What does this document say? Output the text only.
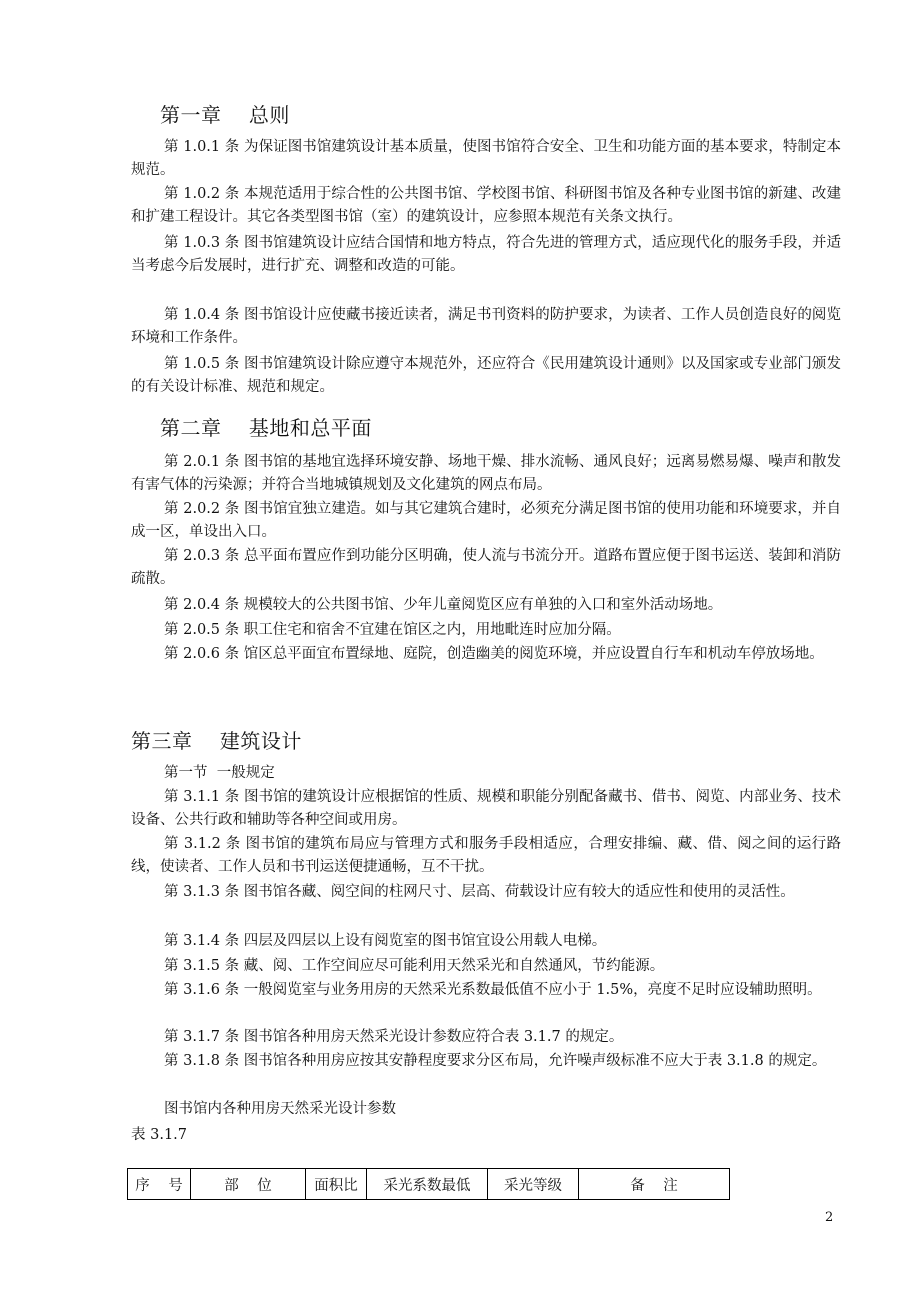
第一章    总则

第 1.0.1 条 为保证图书馆建筑设计基本质量，使图书馆符合安全、卫生和功能方面的基本要求，特制定本规范。

第 1.0.2 条 本规范适用于综合性的公共图书馆、学校图书馆、科研图书馆及各种专业图书馆的新建、改建和扩建工程设计。其它各类型图书馆（室）的建筑设计，应参照本规范有关条文执行。

第 1.0.3 条 图书馆建筑设计应结合国情和地方特点，符合先进的管理方式，适应现代化的服务手段，并适当考虑今后发展时，进行扩充、调整和改造的可能。

第 1.0.4 条 图书馆设计应使藏书接近读者，满足书刊资料的防护要求，为读者、工作人员创造良好的阅览环境和工作条件。

第 1.0.5 条 图书馆建筑设计除应遵守本规范外，还应符合《民用建筑设计通则》以及国家或专业部门颁发的有关设计标准、规范和规定。

第二章    基地和总平面

第 2.0.1 条 图书馆的基地宜选择环境安静、场地干燥、排水流畅、通风良好；远离易燃易爆、噪声和散发有害气体的污染源；并符合当地城镇规划及文化建筑的网点布局。

第 2.0.2 条 图书馆宜独立建造。如与其它建筑合建时，必须充分满足图书馆的使用功能和环境要求，并自成一区，单设出入口。

第 2.0.3 条 总平面布置应作到功能分区明确，使人流与书流分开。道路布置应便于图书运送、装卸和消防疏散。

第 2.0.4 条 规模较大的公共图书馆、少年儿童阅览区应有单独的入口和室外活动场地。

第 2.0.5 条 职工住宅和宿舍不宜建在馆区之内，用地毗连时应加分隔。

第 2.0.6 条 馆区总平面宜布置绿地、庭院，创造幽美的阅览环境，并应设置自行车和机动车停放场地。

第三章    建筑设计
第一节  一般规定

第 3.1.1 条 图书馆的建筑设计应根据馆的性质、规模和职能分别配备藏书、借书、阅览、内部业务、技术设备、公共行政和辅助等各种空间或用房。

第 3.1.2 条 图书馆的建筑布局应与管理方式和服务手段相适应，合理安排编、藏、借、阅之间的运行路线，使读者、工作人员和书刊运送便捷通畅，互不干扰。

第 3.1.3 条 图书馆各藏、阅空间的柱网尺寸、层高、荷载设计应有较大的适应性和使用的灵活性。

第 3.1.4 条 四层及四层以上设有阅览室的图书馆宜设公用载人电梯。

第 3.1.5 条 藏、阅、工作空间应尽可能利用天然采光和自然通风，节约能源。

第 3.1.6 条 一般阅览室与业务用房的天然采光系数最低值不应小于 1.5%，亮度不足时应设辅助照明。

第 3.1.7 条 图书馆各种用房天然采光设计参数应符合表 3.1.7 的规定。

第 3.1.8 条 图书馆各种用房应按其安静程度要求分区布局，允许噪声级标准不应大于表 3.1.8 的规定。

图书馆内各种用房天然采光设计参数
表 3.1.7
序    号	部    位	面积比	采光系数最低	采光等级	备    注
2
